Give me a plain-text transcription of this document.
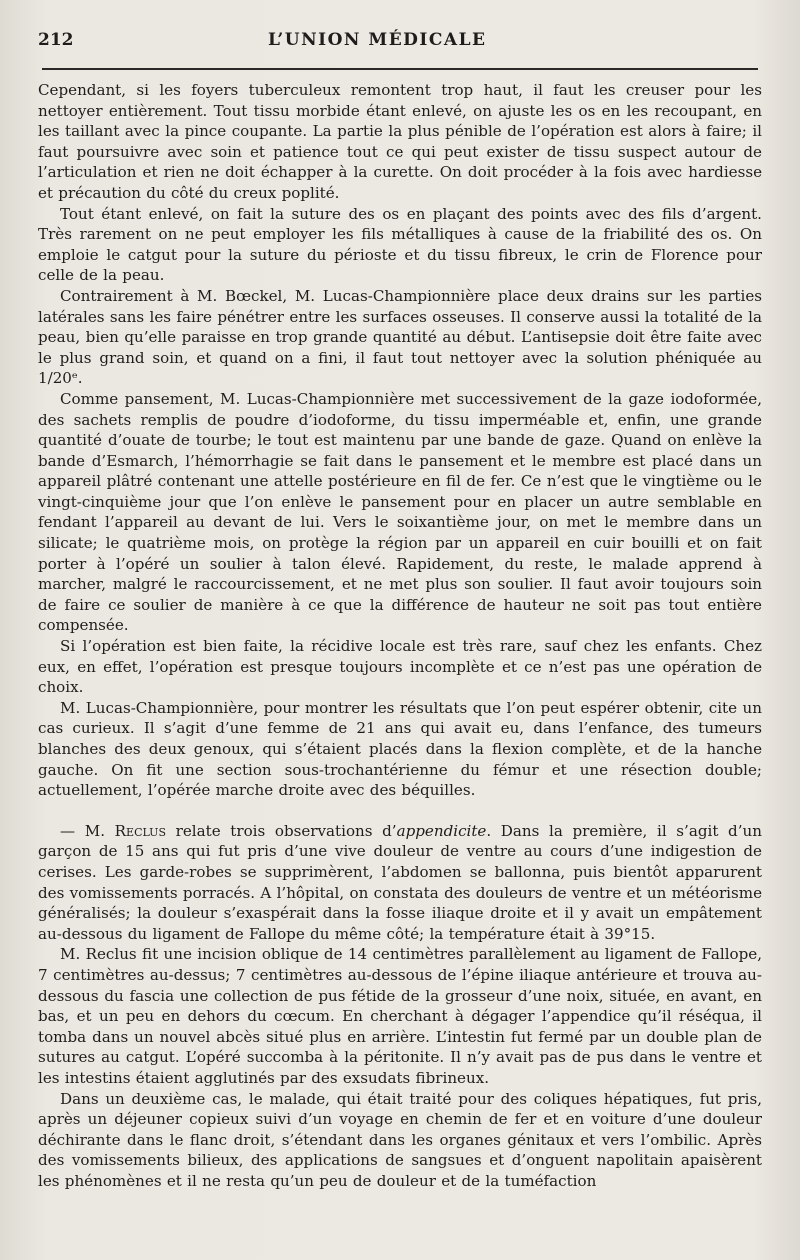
212	L’UNION MÉDICALE

Cependant, si les foyers tuberculeux remontent trop haut, il faut les creuser pour les nettoyer entièrement. Tout tissu morbide étant enlevé, on ajuste les os en les recoupant, en les taillant avec la pince coupante. La partie la plus pénible de l’opération est alors à faire; il faut poursuivre avec soin et patience tout ce qui peut exister de tissu suspect autour de l’articulation et rien ne doit échapper à la curette. On doit procéder à la fois avec hardiesse et précaution du côté du creux poplité.

Tout étant enlevé, on fait la suture des os en plaçant des points avec des fils d’argent. Très rarement on ne peut employer les fils métalliques à cause de la friabilité des os. On emploie le catgut pour la suture du périoste et du tissu fibreux, le crin de Florence pour celle de la peau.

Contrairement à M. Bœckel, M. Lucas-Championnière place deux drains sur les parties latérales sans les faire pénétrer entre les surfaces osseuses. Il conserve aussi la totalité de la peau, bien qu’elle paraisse en trop grande quantité au début. L’antisepsie doit être faite avec le plus grand soin, et quand on a fini, il faut tout nettoyer avec la solution phéniquée au 1/20ᵉ.

Comme pansement, M. Lucas-Championnière met successivement de la gaze iodoformée, des sachets remplis de poudre d’iodoforme, du tissu imperméable et, enfin, une grande quantité d’ouate de tourbe; le tout est maintenu par une bande de gaze. Quand on enlève la bande d’Esmarch, l’hémorrhagie se fait dans le pansement et le membre est placé dans un appareil plâtré contenant une attelle postérieure en fil de fer. Ce n’est que le vingtième ou le vingt-cinquième jour que l’on enlève le pansement pour en placer un autre semblable en fendant l’appareil au devant de lui. Vers le soixantième jour, on met le membre dans un silicate; le quatrième mois, on protège la région par un appareil en cuir bouilli et on fait porter à l’opéré un soulier à talon élevé. Rapidement, du reste, le malade apprend à marcher, malgré le raccourcissement, et ne met plus son soulier. Il faut avoir toujours soin de faire ce soulier de manière à ce que la différence de hauteur ne soit pas tout entière compensée.

Si l’opération est bien faite, la récidive locale est très rare, sauf chez les enfants. Chez eux, en effet, l’opération est presque toujours incomplète et ce n’est pas une opération de choix.

M. Lucas-Championnière, pour montrer les résultats que l’on peut espérer obtenir, cite un cas curieux. Il s’agit d’une femme de 21 ans qui avait eu, dans l’enfance, des tumeurs blanches des deux genoux, qui s’étaient placés dans la flexion complète, et de la hanche gauche. On fit une section sous-trochantérienne du fémur et une résection double; actuellement, l’opérée marche droite avec des béquilles.

— M. Reclus relate trois observations d’appendicite. Dans la première, il s’agit d’un garçon de 15 ans qui fut pris d’une vive douleur de ventre au cours d’une indigestion de cerises. Les garde-robes se supprimèrent, l’abdomen se ballonna, puis bientôt apparurent des vomissements porracés. A l’hôpital, on constata des douleurs de ventre et un météorisme généralisés; la douleur s’exaspérait dans la fosse iliaque droite et il y avait un empâtement au-dessous du ligament de Fallope du même côté; la température était à 39°15.

M. Reclus fit une incision oblique de 14 centimètres parallèlement au ligament de Fallope, 7 centimètres au-dessus; 7 centimètres au-dessous de l’épine iliaque antérieure et trouva au-dessous du fascia une collection de pus fétide de la grosseur d’une noix, située, en avant, en bas, et un peu en dehors du cœcum. En cherchant à dégager l’appendice qu’il réséqua, il tomba dans un nouvel abcès situé plus en arrière. L’intestin fut fermé par un double plan de sutures au catgut. L’opéré succomba à la péritonite. Il n’y avait pas de pus dans le ventre et les intestins étaient agglutinés par des exsudats fibrineux.

Dans un deuxième cas, le malade, qui était traité pour des coliques hépatiques, fut pris, après un déjeuner copieux suivi d’un voyage en chemin de fer et en voiture d’une douleur déchirante dans le flanc droit, s’étendant dans les organes génitaux et vers l’ombilic. Après des vomissements bilieux, des applications de sangsues et d’onguent napolitain apaisèrent les phénomènes et il ne resta qu’un peu de douleur et de la tuméfaction
